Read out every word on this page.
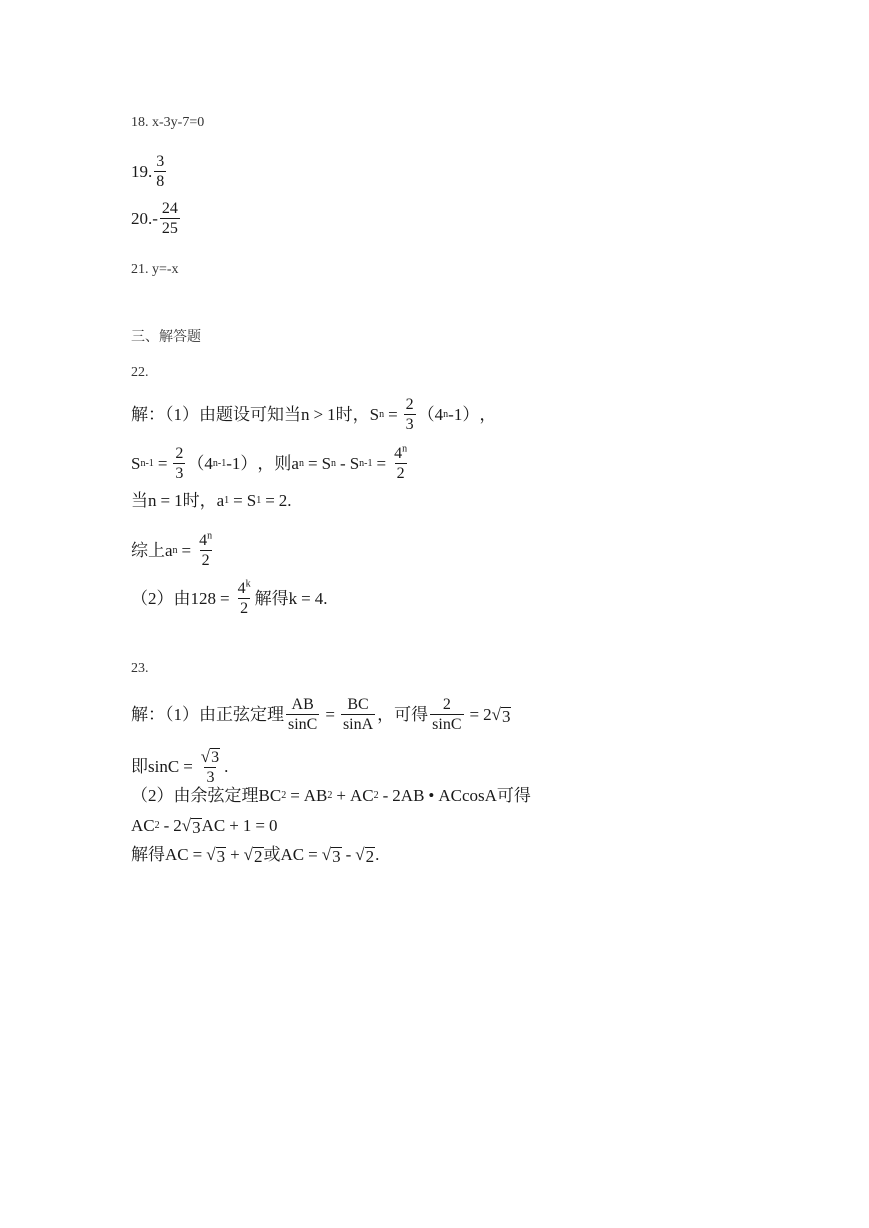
18. x-3y-7=0
19. $\frac{3}{8}$
$20.- \frac{24}{25}$
21. y=-x
三、解答题
22.
解：（1）由题设可知当n > 1时， S $n = \frac{2}{3} (4$ n -1） ，
S $n-1 = \frac{2}{3} (4$ n-1 -1） ，则a n = S n - S $n-1 = \frac{4^n}{2}$
当n = 1时，a 1 = S 1 = 2.
综上a $n = \frac{4^n}{2}$
（2）由$128 = \frac{4^k}{2}$ 解得k = 4.
23.
解：（1）由正弦定理 $\frac{AB}{\sin C} = \frac{BC}{\sin A}$ ，可得 $\frac{2}{\sin C} = 2$ √ 3
即$\sin C = \frac{√ 3}{3}$ .
（2）由余弦定理BC 2 = AB 2 + AC 2 - 2AB • ACcosA可得
AC 2 - 2 √ 3 AC + 1 = 0
解得AC = √ 3 + √ 2 或AC = √ 3 - √ 2 .
